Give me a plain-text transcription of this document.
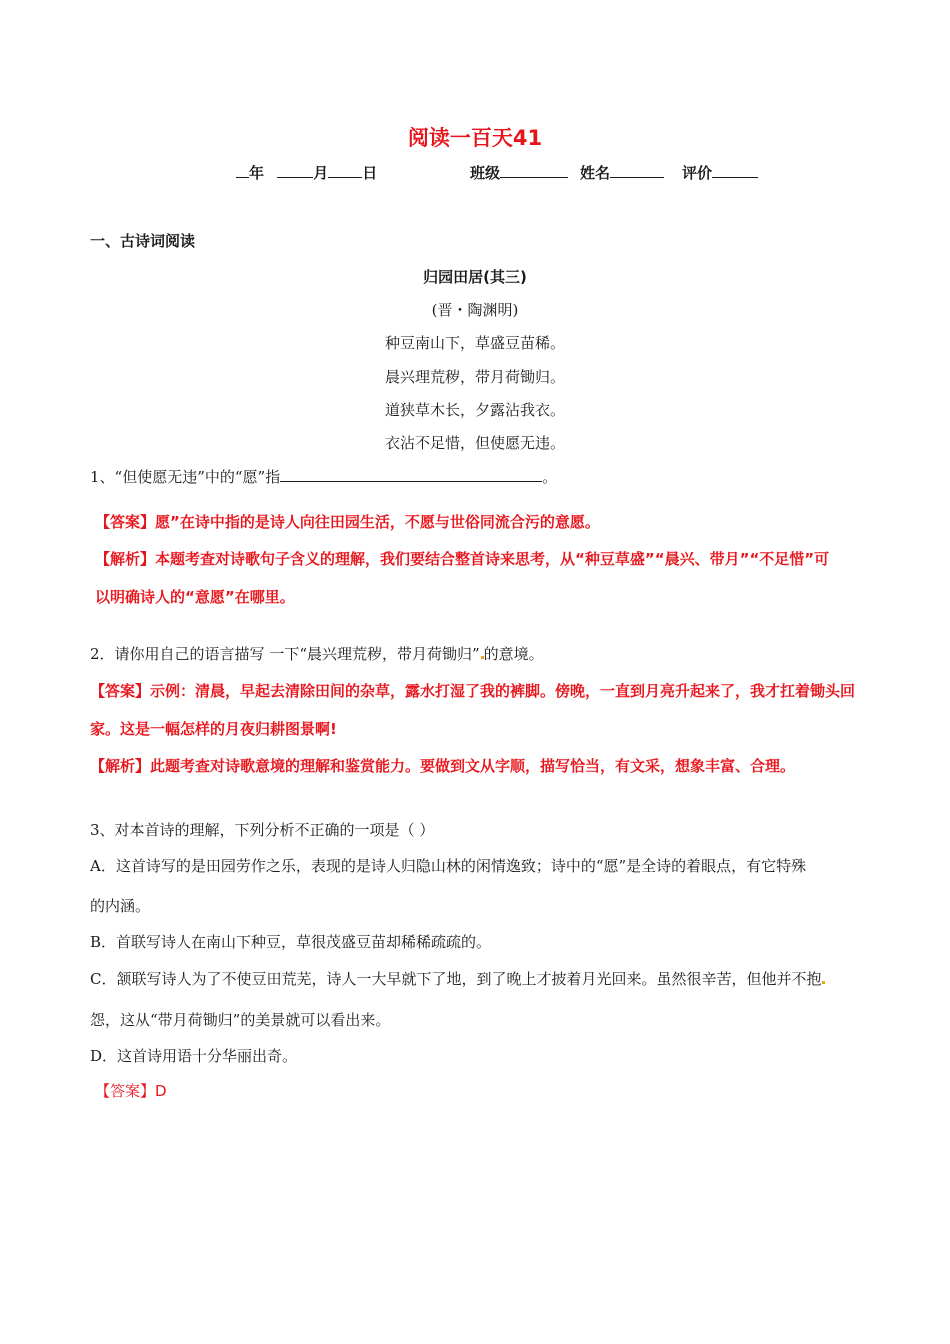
阅读一百天41
年	月 日	班级	姓名	评价
一、古诗词阅读
归园田居(其三)
(晋・陶渊明)
种豆南山下，草盛豆苗稀。
晨兴理荒秽，带月荷锄归。
道狭草木长，夕露沾我衣。
衣沾不足惜，但使愿无违。
1、“但使愿无违”中的“愿”指	。
【答案】愿”在诗中指的是诗人向往田园生活，不愿与世俗同流合污的意愿。
【解析】本题考查对诗歌句子含义的理解，我们要结合整首诗来思考，从“种豆草盛”“晨兴、带月”“不足惜”可
以明确诗人的“意愿”在哪里。
2．请你用自己的语言描写 一下“晨兴理荒秽，带月荷锄归” 的意境。
【答案】示例：清晨，早起去清除田间的杂草，露水打湿了我的裤脚。傍晚，一直到月亮升起来了，我才扛着锄头回
家。这是一幅怎样的月夜归耕图景啊!
【解析】此题考查对诗歌意境的理解和鉴赏能力。要做到文从字顺，描写恰当，有文采，想象丰富、合理。
3、对本首诗的理解，下列分析不正确的一项是（ ）
A．这首诗写的是田园劳作之乐，表现的是诗人归隐山林的闲情逸致；诗中的“愿”是全诗的着眼点，有它特殊
的内涵。
B．首联写诗人在南山下种豆，草很茂盛豆苗却稀稀疏疏的。
C．颔联写诗人为了不使豆田荒芜，诗人一大早就下了地，到了晚上才披着月光回来。虽然很辛苦，但他并不抱
怨，这从“带月荷锄归”的美景就可以看出来。
D．这首诗用语十分华丽出奇。
【答案】D
